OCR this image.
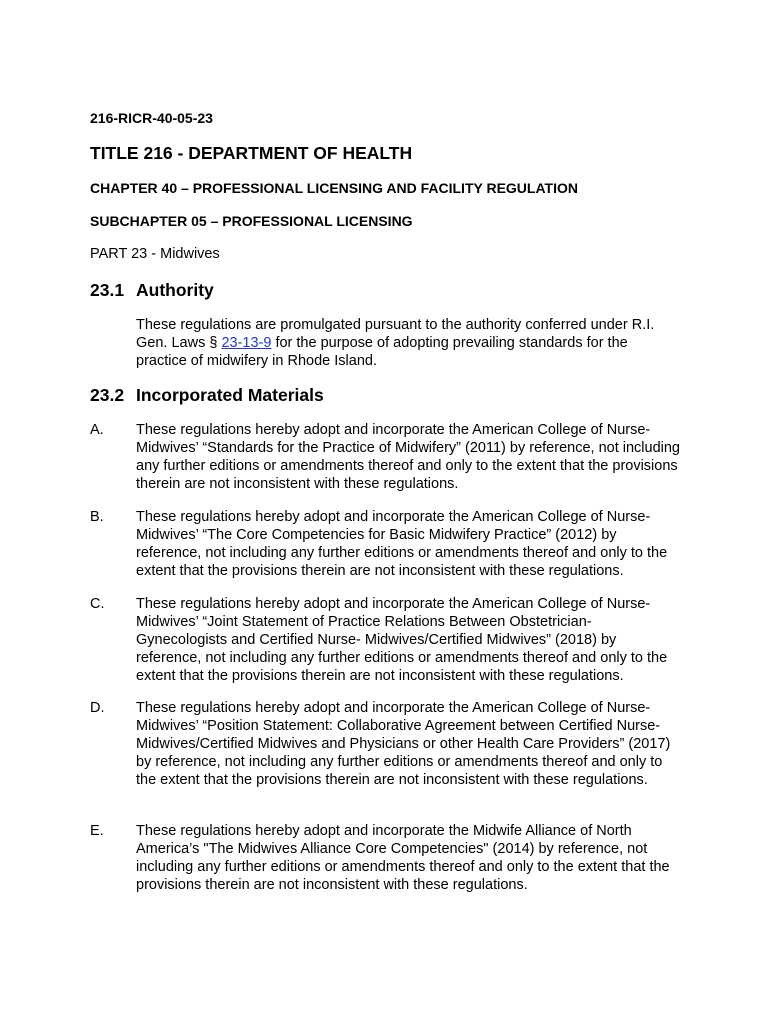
216-RICR-40-05-23
TITLE 216 - DEPARTMENT OF HEALTH
CHAPTER 40 – PROFESSIONAL LICENSING AND FACILITY REGULATION
SUBCHAPTER 05 – PROFESSIONAL LICENSING
PART 23 - Midwives
23.1 Authority
These regulations are promulgated pursuant to the authority conferred under R.I. Gen. Laws § 23-13-9 for the purpose of adopting prevailing standards for the practice of midwifery in Rhode Island.
23.2 Incorporated Materials
A. These regulations hereby adopt and incorporate the American College of Nurse-Midwives’ “Standards for the Practice of Midwifery” (2011) by reference, not including any further editions or amendments thereof and only to the extent that the provisions therein are not inconsistent with these regulations.
B. These regulations hereby adopt and incorporate the American College of Nurse-Midwives’ “The Core Competencies for Basic Midwifery Practice” (2012) by reference, not including any further editions or amendments thereof and only to the extent that the provisions therein are not inconsistent with these regulations.
C. These regulations hereby adopt and incorporate the American College of Nurse-Midwives’ “Joint Statement of Practice Relations Between Obstetrician-Gynecologists and Certified Nurse- Midwives/Certified Midwives” (2018) by reference, not including any further editions or amendments thereof and only to the extent that the provisions therein are not inconsistent with these regulations.
D. These regulations hereby adopt and incorporate the American College of Nurse-Midwives’ “Position Statement: Collaborative Agreement between Certified Nurse-Midwives/Certified Midwives and Physicians or other Health Care Providers” (2017) by reference, not including any further editions or amendments thereof and only to the extent that the provisions therein are not inconsistent with these regulations.
E. These regulations hereby adopt and incorporate the Midwife Alliance of North America’s "The Midwives Alliance Core Competencies" (2014) by reference, not including any further editions or amendments thereof and only to the extent that the provisions therein are not inconsistent with these regulations.
